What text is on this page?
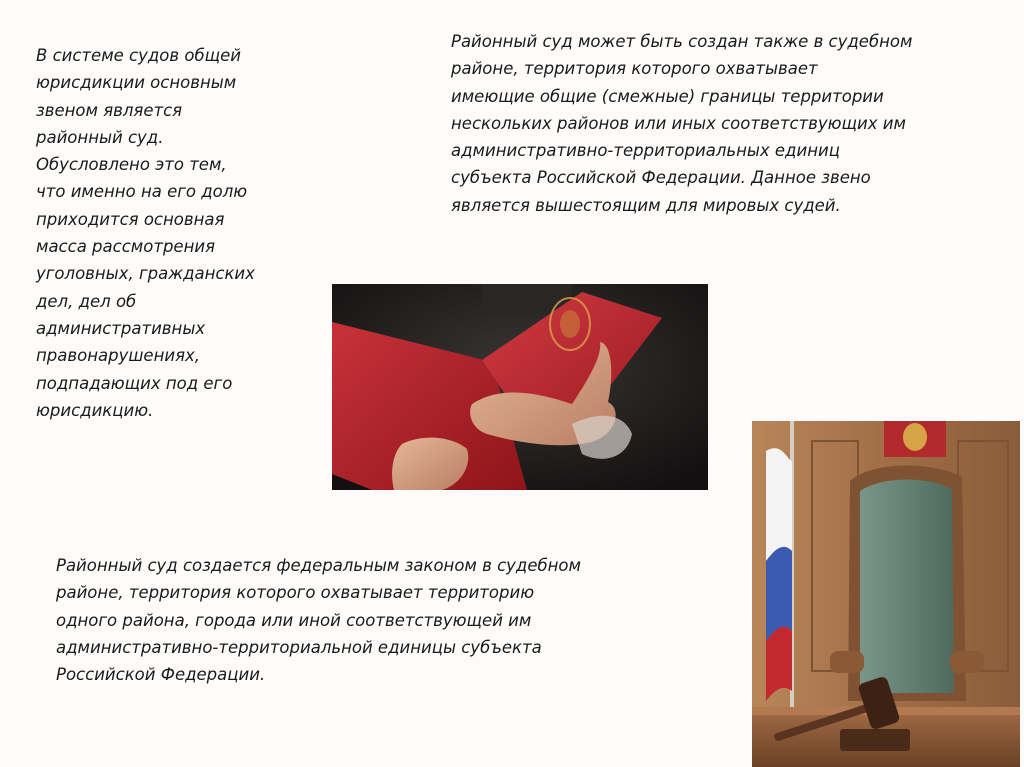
В системе судов общей
юрисдикции основным
звеном является
районный суд.
Обусловлено это тем,
что именно на его долю
приходится основная
масса рассмотрения
уголовных, гражданских
дел, дел об
административных
правонарушениях,
подпадающих под его
юрисдикцию.

Районный суд может быть создан также в судебном
районе, территория которого охватывает
имеющие общие (смежные) границы территории
нескольких районов или иных соответствующих им
административно-территориальных единиц
субъекта Российской Федерации. Данное звено
является вышестоящим для мировых судей.

Районный суд создается федеральным законом в судебном
районе, территория которого охватывает территорию
одного района, города или иной соответствующей им
административно-территориальной единицы субъекта
Российской Федерации.
